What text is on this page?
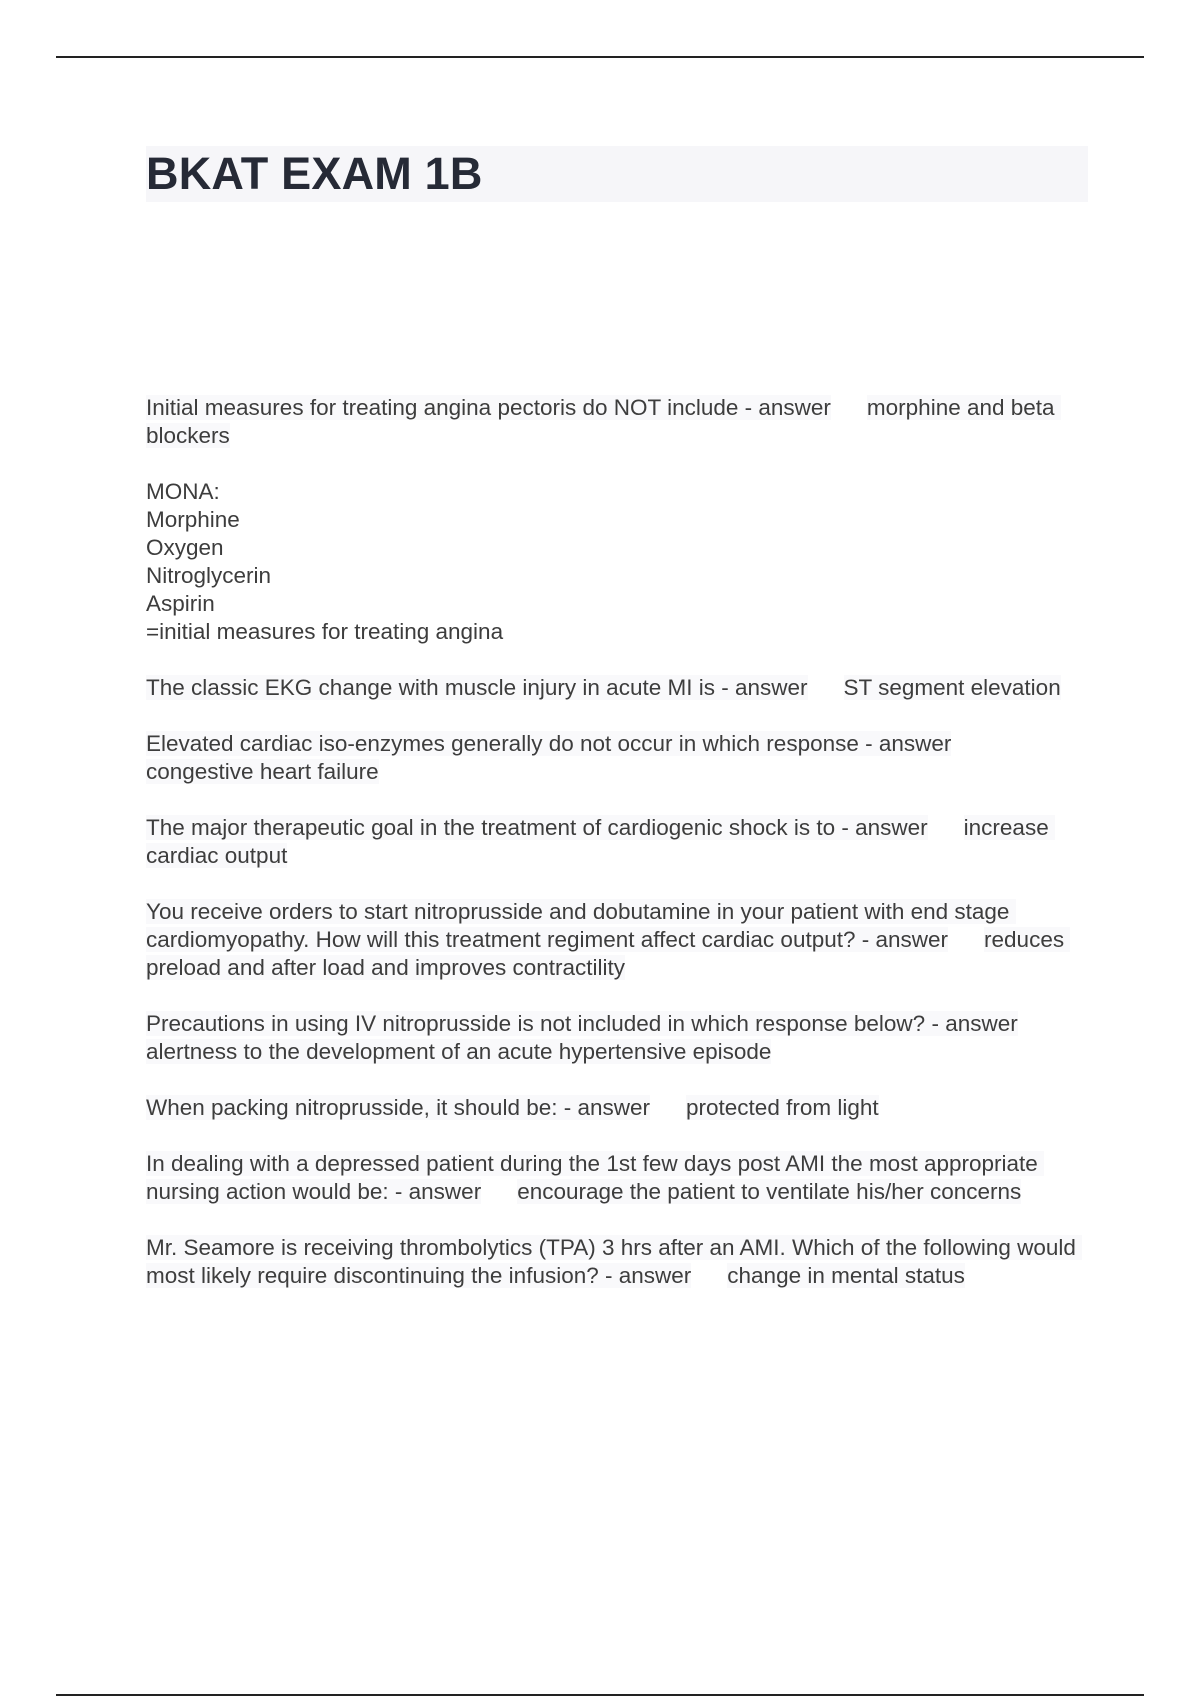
BKAT EXAM 1B

Initial measures for treating angina pectoris do NOT include - answer morphine and beta blockers

MONA:
Morphine
Oxygen
Nitroglycerin
Aspirin
=initial measures for treating angina

The classic EKG change with muscle injury in acute MI is - answer ST segment elevation

Elevated cardiac iso-enzymes generally do not occur in which response - answercongestive heart failure

The major therapeutic goal in the treatment of cardiogenic shock is to - answer increase cardiac output

You receive orders to start nitroprusside and dobutamine in your patient with end stage cardiomyopathy. How will this treatment regiment affect cardiac output? - answer reduces preload and after load and improves contractility

Precautions in using IV nitroprusside is not included in which response below? - answeralertness to the development of an acute hypertensive episode

When packing nitroprusside, it should be: - answer protected from light

In dealing with a depressed patient during the 1st few days post AMI the most appropriate nursing action would be: - answer encourage the patient to ventilate his/her concerns

Mr. Seamore is receiving thrombolytics (TPA) 3 hrs after an AMI. Which of the following would most likely require discontinuing the infusion? - answer change in mental status
